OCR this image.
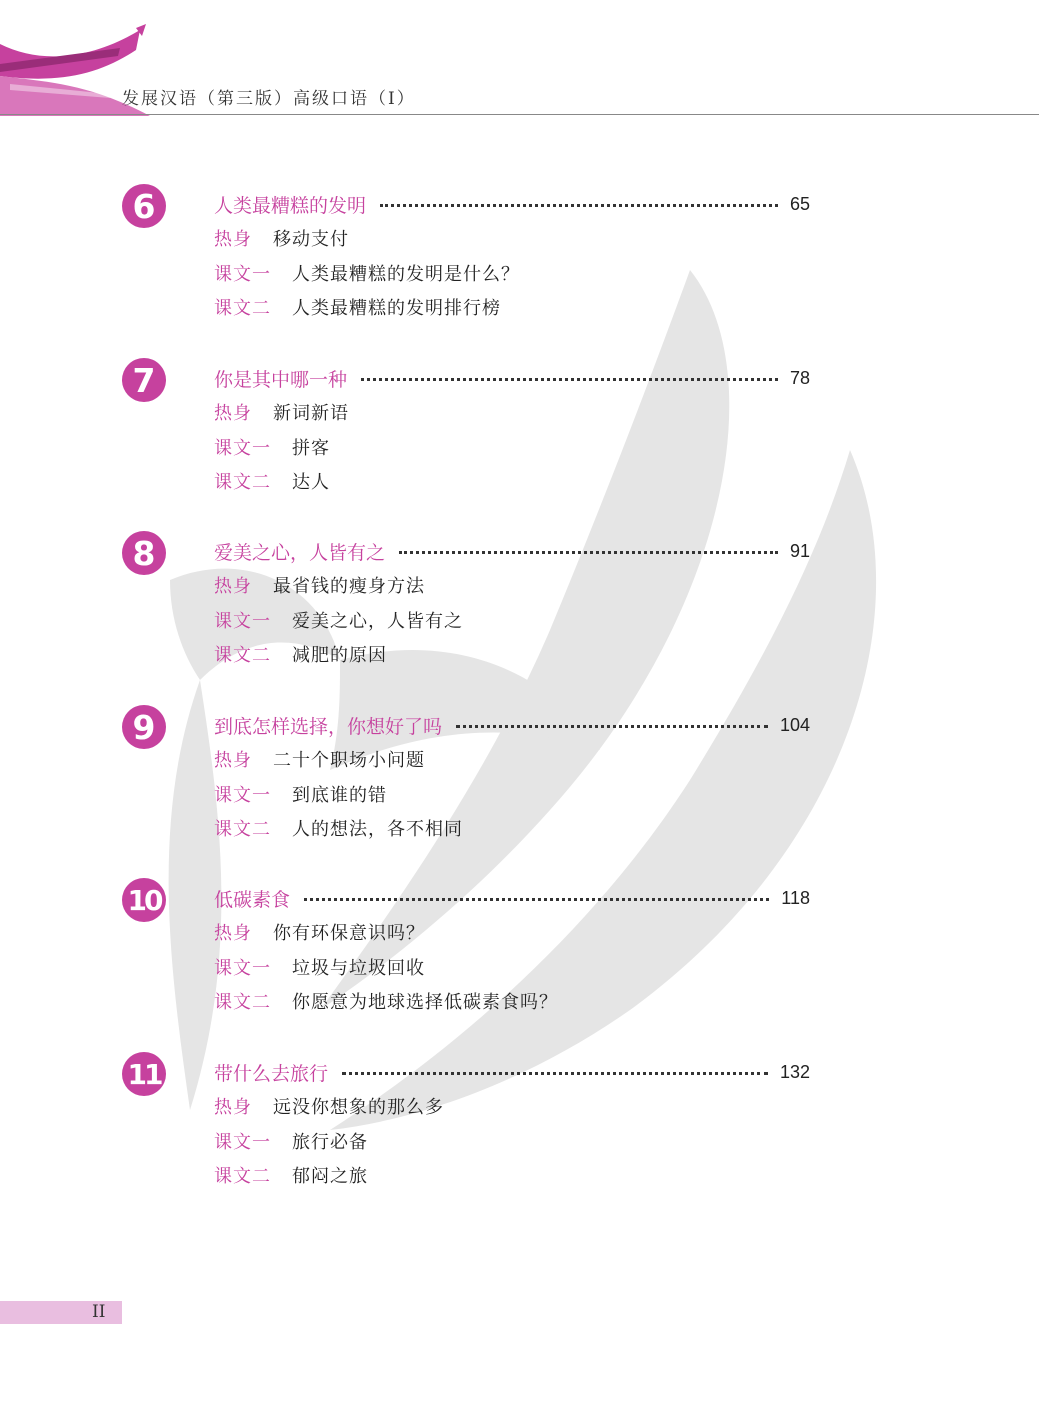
发展汉语（第三版）高级口语（Ⅰ）
6	人类最糟糕的发明	65
热身	移动支付
课文一	人类最糟糕的发明是什么？
课文二	人类最糟糕的发明排行榜
7	你是其中哪一种	78
热身	新词新语
课文一	拼客
课文二	达人
8	爱美之心，人皆有之	91
热身	最省钱的瘦身方法
课文一	爱美之心，人皆有之
课文二	减肥的原因
9	到底怎样选择，你想好了吗	104
热身	二十个职场小问题
课文一	到底谁的错
课文二	人的想法，各不相同
10	低碳素食	118
热身	你有环保意识吗？
课文一	垃圾与垃圾回收
课文二	你愿意为地球选择低碳素食吗？
11	带什么去旅行	132
热身	远没你想象的那么多
课文一	旅行必备
课文二	郁闷之旅
II
